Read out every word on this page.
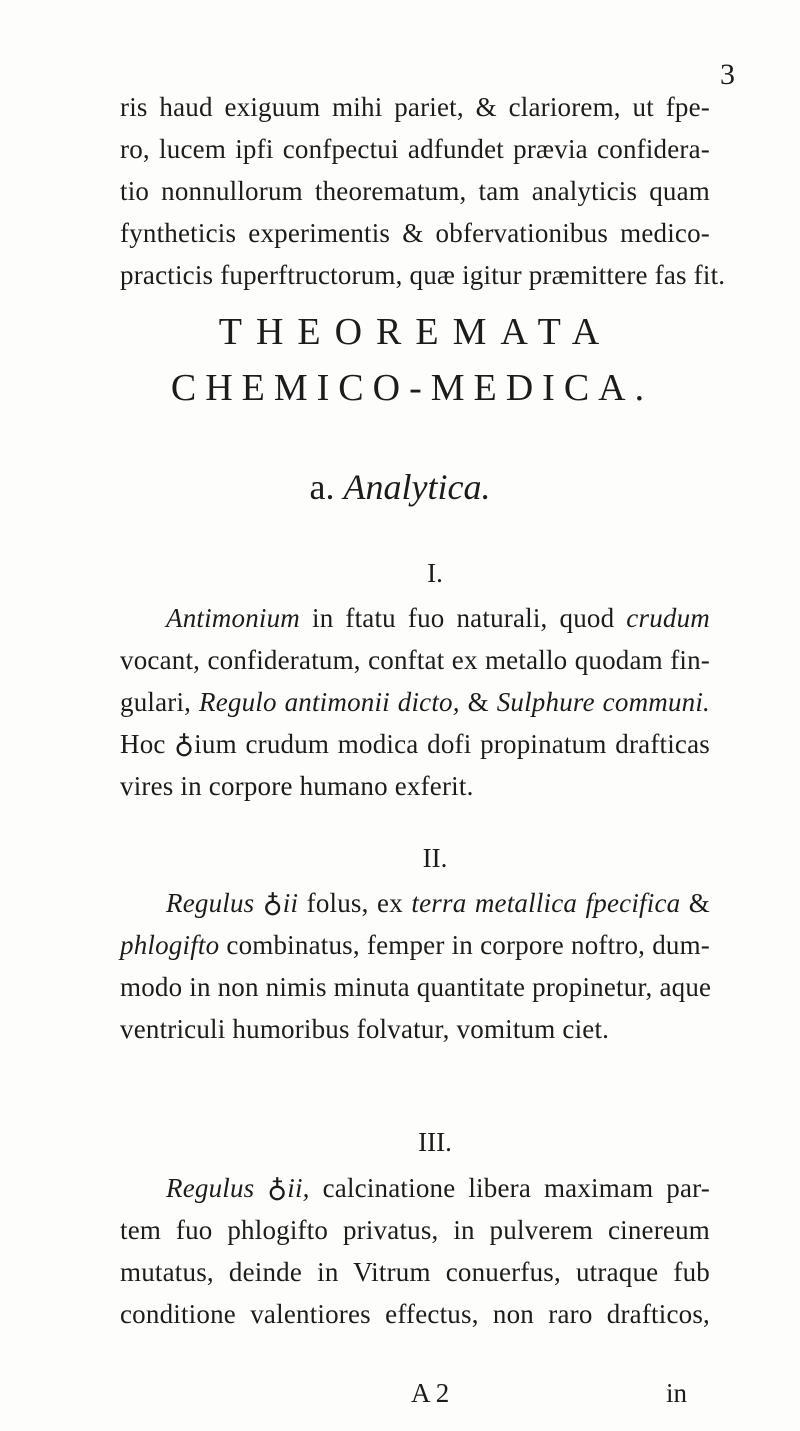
3
ris haud exiguum mihi pariet, & clariorem, ut fpe-
ro, lucem ipfi confpectui adfundet prævia confidera-
tio nonnullorum theorematum, tam analyticis quam
fyntheticis experimentis & obfervationibus medico-
practicis fuperftructorum, quæ igitur præmittere fas fit.
THEOREMATA
CHEMICO-MEDICA.
a. Analytica.
I.
Antimonium in ftatu fuo naturali, quod crudum
vocant, confideratum, conftat ex metallo quodam fin-
gulari, Regulo antimonii dicto, & Sulphure communi.
Hoc ♁ium crudum modica dofi propinatum drafticas
vires in corpore humano exferit.
II.
Regulus ♁ii folus, ex terra metallica fpecifica &
phlogifto combinatus, femper in corpore noftro, dum-
modo in non nimis minuta quantitate propinetur, aque
ventriculi humoribus folvatur, vomitum ciet.
III.
Regulus ♁ii, calcinatione libera maximam par-
tem fuo phlogifto privatus, in pulverem cinereum
mutatus, deinde in Vitrum conuerfus, utraque fub
conditione valentiores effectus, non raro drafticos,
A 2	in
